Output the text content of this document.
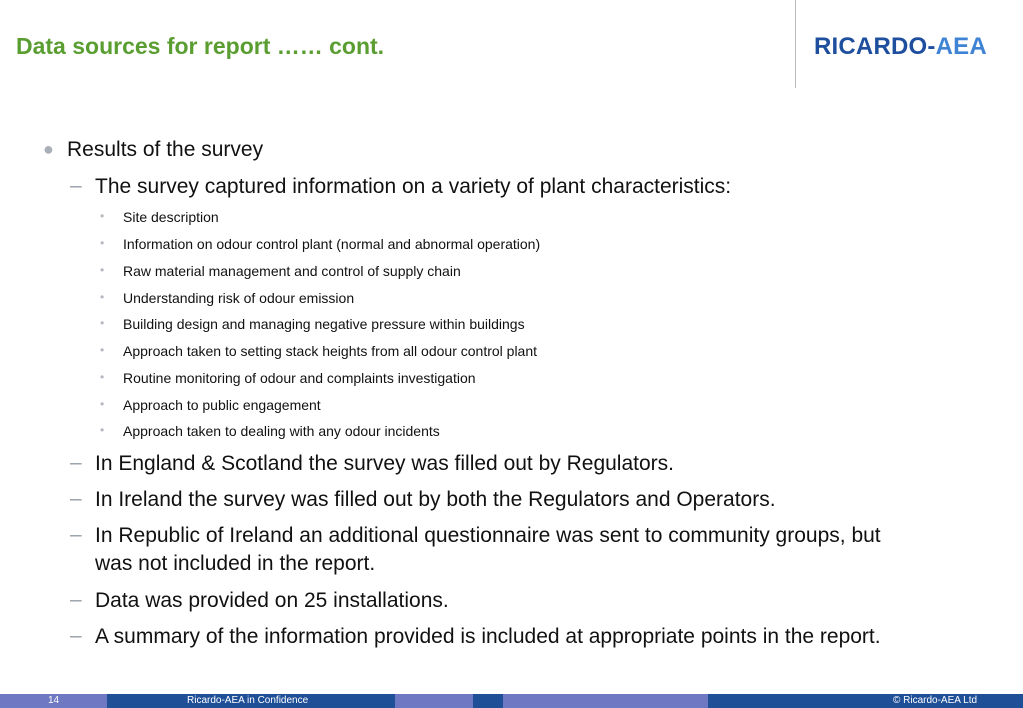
Data sources for report …… cont.	RICARDO-AEA
● Results of the survey
– The survey captured information on a variety of plant characteristics:
• Site description
• Information on odour control plant (normal and abnormal operation)
• Raw material management and control of supply chain
• Understanding risk of odour emission
• Building design and managing negative pressure within buildings
• Approach taken to setting stack heights from all odour control plant
• Routine monitoring of odour and complaints investigation
• Approach to public engagement
• Approach taken to dealing with any odour incidents
– In England & Scotland the survey was filled out by Regulators.
– In Ireland the survey was filled out by both the Regulators and Operators.
– In Republic of Ireland an additional questionnaire was sent to community groups, but
was not included in the report.
– Data was provided on 25 installations.
– A summary of the information provided is included at appropriate points in the report.
14	Ricardo-AEA in Confidence	© Ricardo-AEA Ltd
